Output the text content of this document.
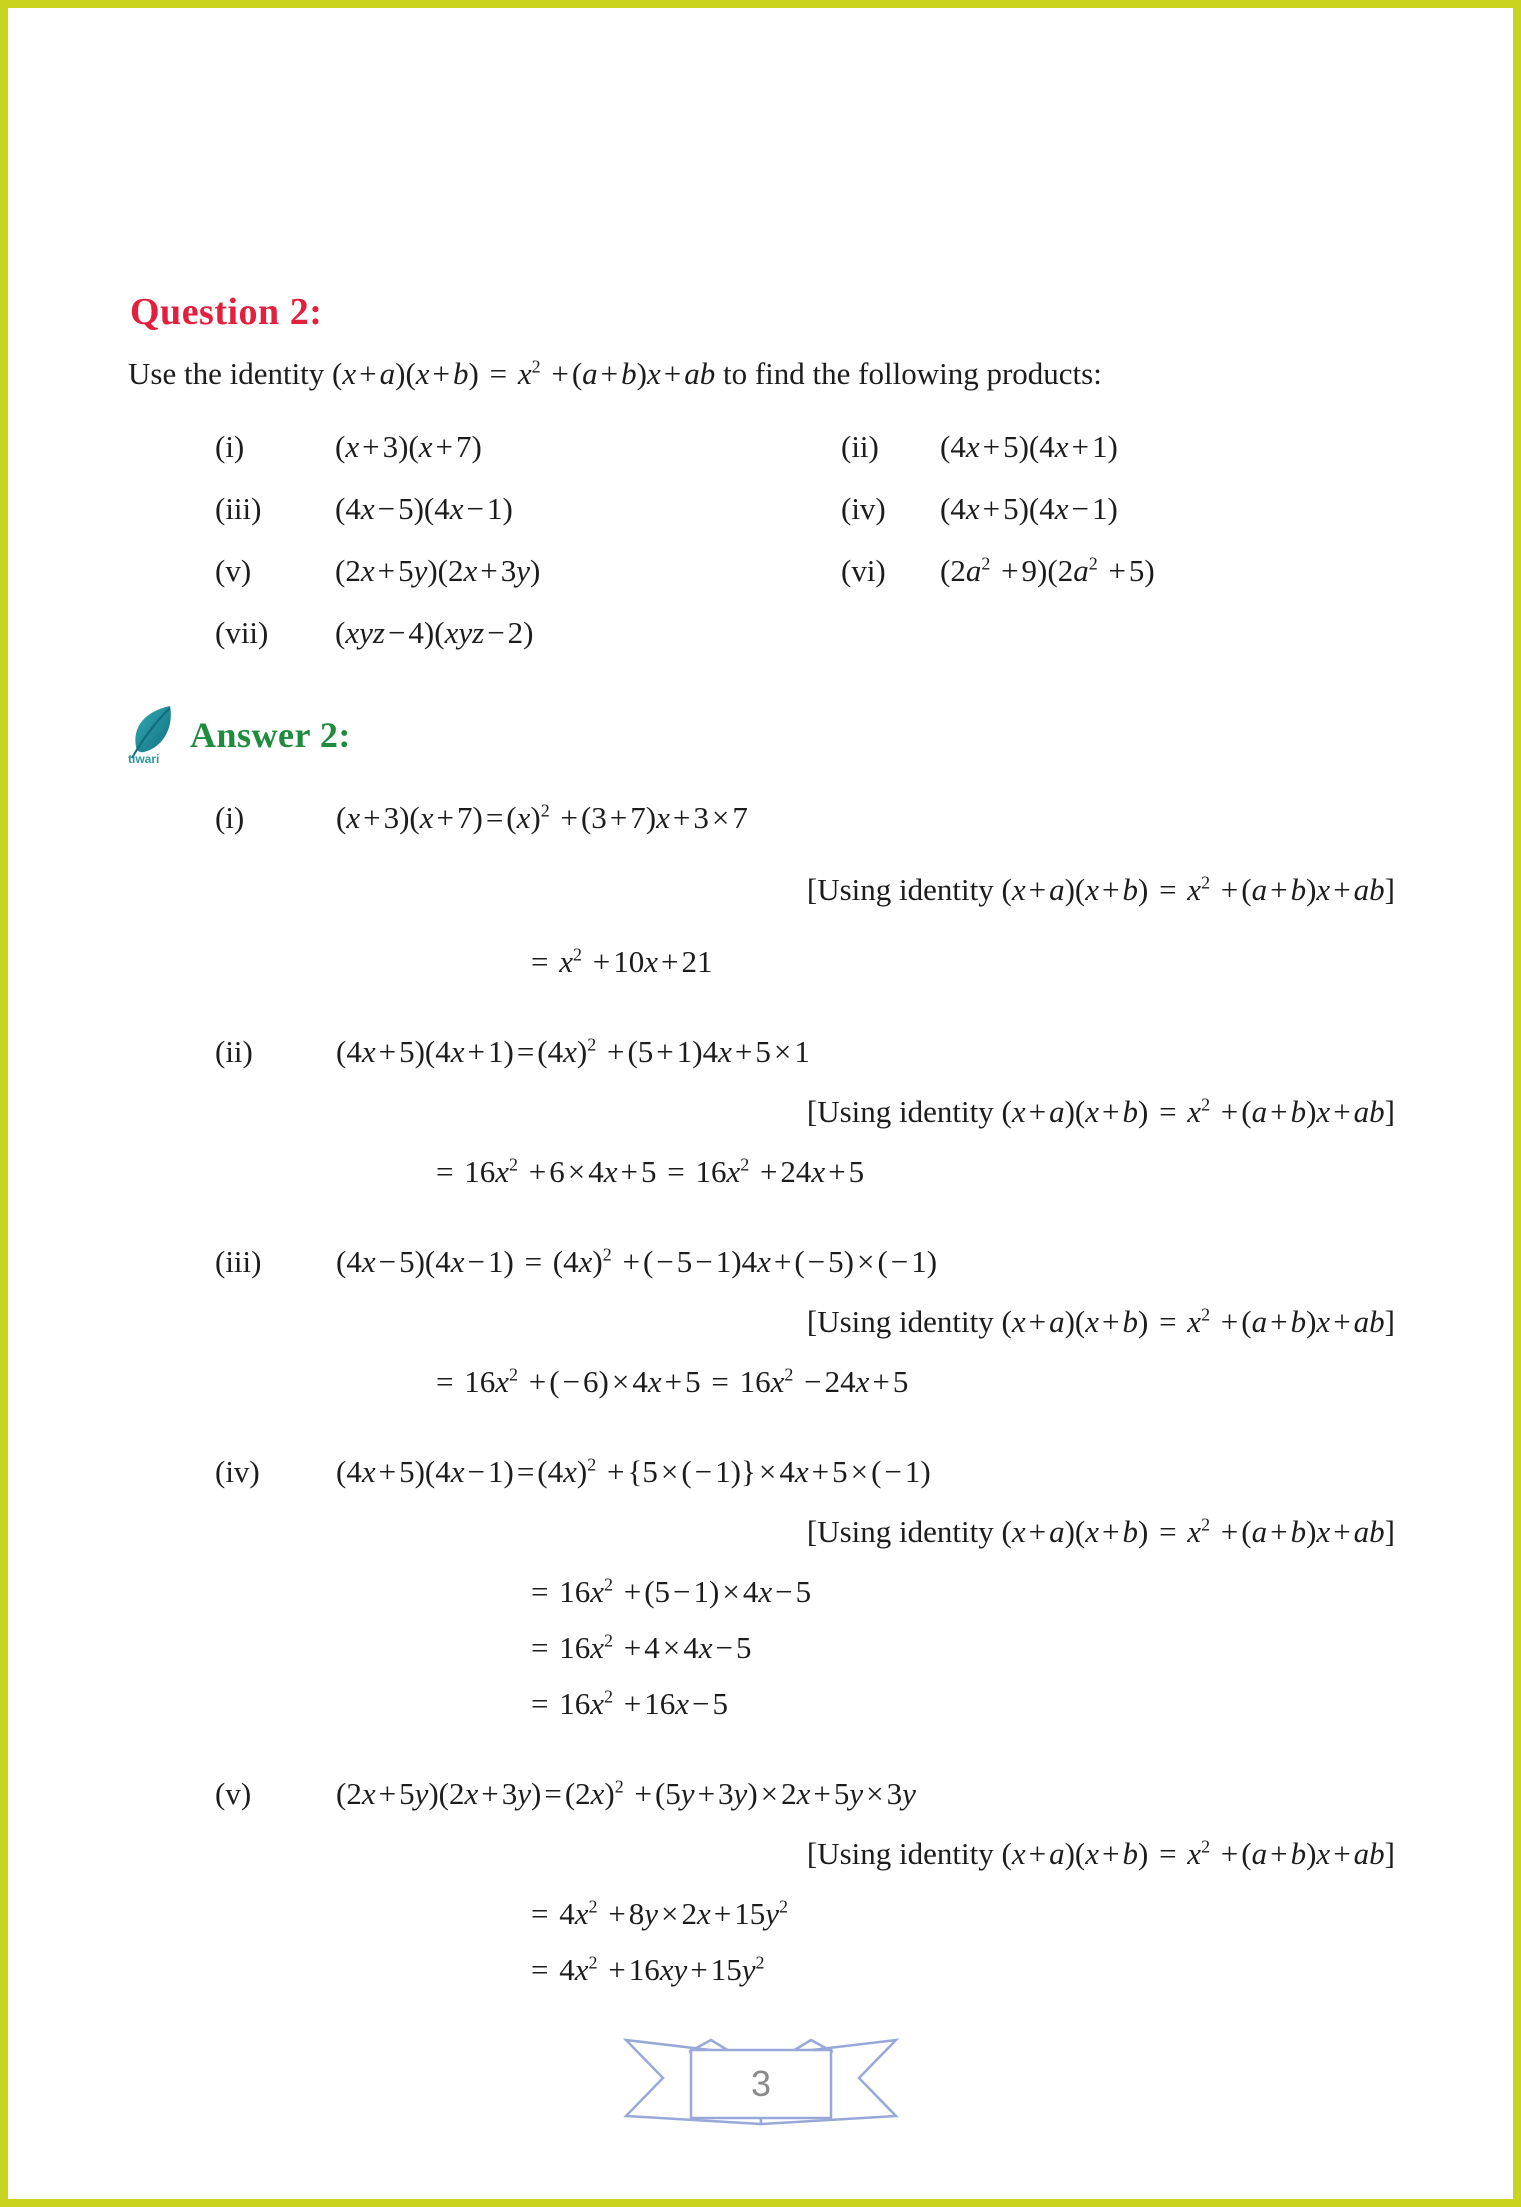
Question 2:

Use the identity $(x+a)(x+b) = x^2 +(a+b)x+ab$ to find the following products:

(i)	(x+3)(x+7)	(ii)	(4x+5)(4x+1)
(iii)	(4x−5)(4x−1)	(iv)	(4x+5)(4x−1)
(v)	(2x+5y)(2x+3y)	(vi)	$(2a^2 +9)(2a^2 +5)$
(vii)	(xyz−4)(xyz−2)
tiwari
Answer 2:
(i)	$(x+3)(x+7)=(x)^2 +(3+7)x+3\times 7$
[Using identity $(x+a)(x+b) = x^2 +(a+b)x+ab$]
= $x^2 +10x+21$
(ii)	$(4x+5)(4x+1)=(4x)^2 +(5+1)4x+5\times 1$
[Using identity $(x+a)(x+b) = x^2 +(a+b)x+ab$]
= $16x^2 +6\times 4x+5 = 16x^2 +24x+5$
(iii)	$(4x-5)(4x-1) = (4x)^2 +(-5-1)4x+(-5)\times(-1)$
[Using identity $(x+a)(x+b) = x^2 +(a+b)x+ab$]
= $16x^2 +(-6)\times 4x+5 = 16x^2 -24x+5$
(iv)	$(4x+5)(4x-1)=(4x)^2 +\{5\times(-1)\}\times 4x+5\times(-1)$
[Using identity $(x+a)(x+b) = x^2 +(a+b)x+ab$]
= $16x^2 +(5-1)\times 4x-5$
= $16x^2 +4\times 4x-5$
= $16x^2 +16x-5$
(v)	$(2x+5y)(2x+3y)=(2x)^2 +(5y+3y)\times 2x+5y\times 3y$
[Using identity $(x+a)(x+b) = x^2 +(a+b)x+ab$]
= $4x^2 +8y\times 2x+15y^2$
= $4x^2 +16xy+15y^2$
3
